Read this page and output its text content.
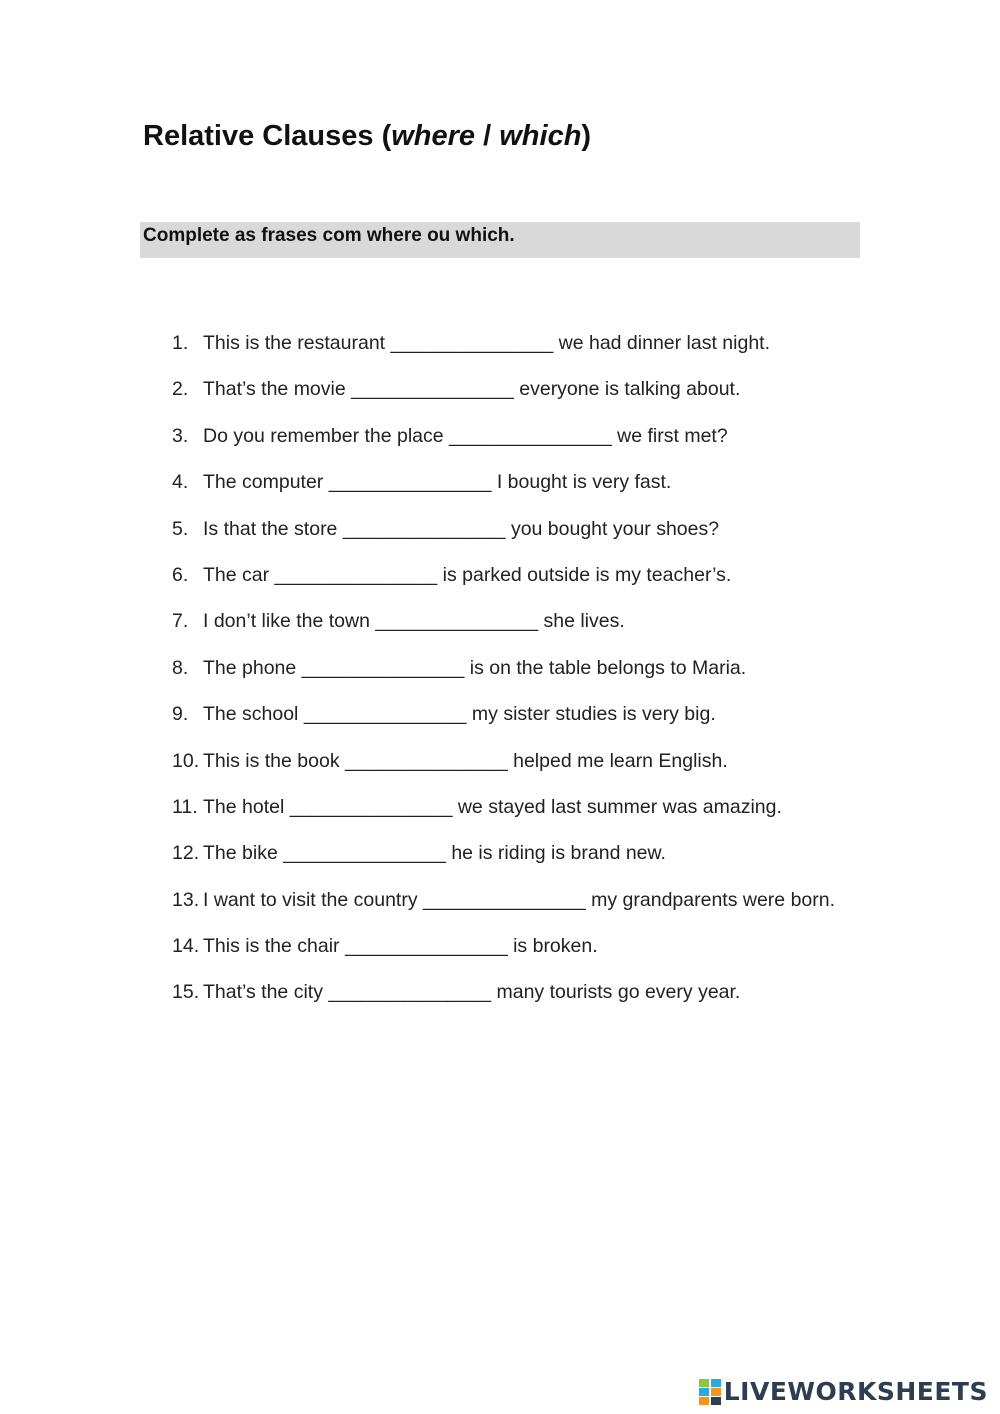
Relative Clauses (where / which)
Complete as frases com where ou which.
1. This is the restaurant _______________ we had dinner last night.
2. That’s the movie _______________ everyone is talking about.
3. Do you remember the place _______________ we first met?
4. The computer _______________ I bought is very fast.
5. Is that the store _______________ you bought your shoes?
6. The car _______________ is parked outside is my teacher’s.
7. I don’t like the town _______________ she lives.
8. The phone _______________ is on the table belongs to Maria.
9. The school _______________ my sister studies is very big.
10. This is the book _______________ helped me learn English.
11. The hotel _______________ we stayed last summer was amazing.
12. The bike _______________ he is riding is brand new.
13. I want to visit the country _______________ my grandparents were born.
14. This is the chair _______________ is broken.
15. That’s the city _______________ many tourists go every year.
LIVEWORKSHEETS
